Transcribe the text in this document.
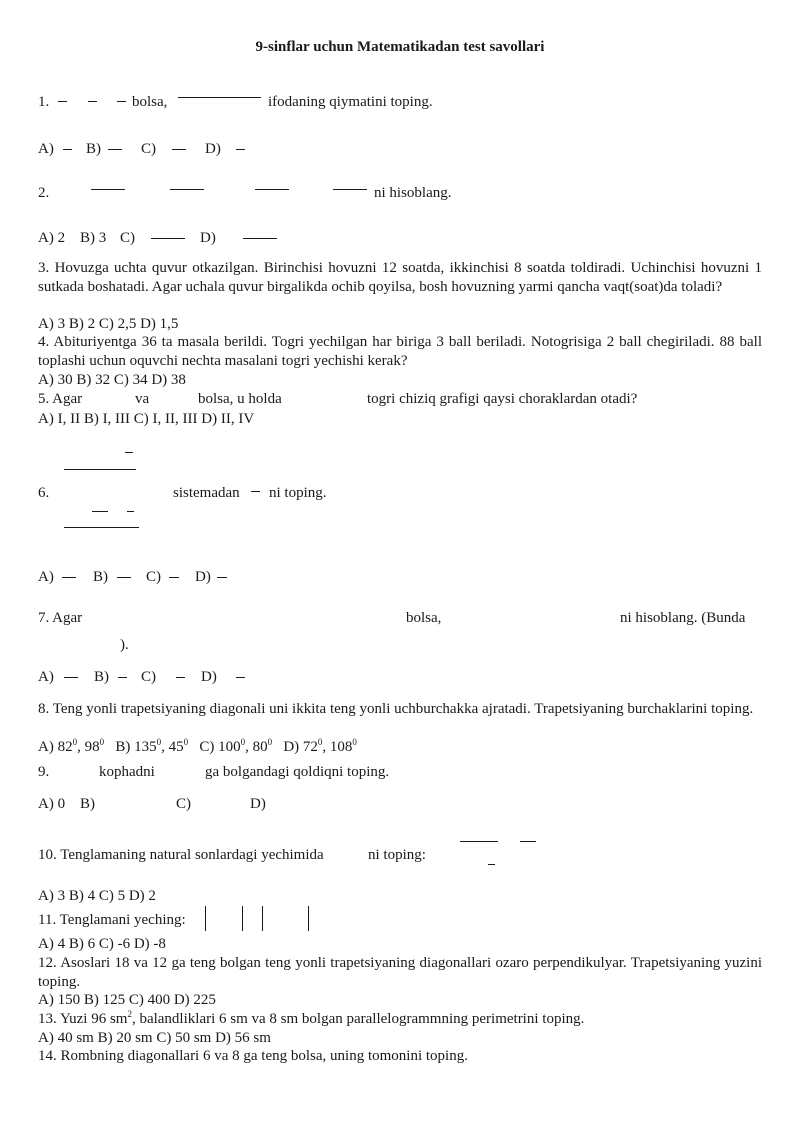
9-sinflar uchun Matematikadan test savollari
1.	bolsa,	ifodaning qiymatini toping.
A) B)	C)	D)
2.	ni hisoblang.
A) 2 B) 3 C)	D)
3. Hovuzga uchta quvur otkazilgan. Birinchisi hovuzni 12 soatda, ikkinchisi 8 soatda toldiradi. Uchinchisi hovuzni 1 sutkada boshatadi. Agar uchala quvur birgalikda ochib qoyilsa, bosh hovuzning yarmi qancha vaqt(soat)da toladi?
A) 3 B) 2 C) 2,5 D) 1,5
4. Abituriyentga 36 ta masala berildi. Togri yechilgan har biriga 3 ball beriladi. Notogrisiga 2 ball chegiriladi. 88 ball toplashi uchun oquvchi nechta masalani togri yechishi kerak?
A) 30 B) 32 C) 34 D) 38
5. Agar	va	bolsa, u holda	togri chiziq grafigi qaysi choraklardan otadi?
A) I, II B) I, III C) I, II, III D) II, IV
6.	sistemadan ni toping.
A)	B)	C) D)
7. Agar	bolsa,	ni hisoblang. (Bunda
).
A)	B) C)	D)
8. Teng yonli trapetsiyaning diagonali uni ikkita teng yonli uchburchakka ajratadi. Trapetsiyaning burchaklarini toping.
A) $82^0$, $98^0$ B) $135^0$, $45^0$ C) $100^0$, $80^0$ D) $72^0$, $108^0$
9.	kophadni	ga bolgandagi qoldiqni toping.
A) 0 B)	C)	D)
10. Tenglamaning natural sonlardagi yechimida	ni toping:
A) 3 B) 4 C) 5 D) 2
11. Tenglamani yeching:
A) 4 B) 6 C) -6 D) -8
12. Asoslari 18 va 12 ga teng bolgan teng yonli trapetsiyaning diagonallari ozaro perpendikulyar. Trapetsiyaning yuzini toping.
A) 150 B) 125 C) 400 D) 225
13. Yuzi 96 $sm^2$, balandliklari 6 sm va 8 sm bolgan parallelogrammning perimetrini toping.
A) 40 sm B) 20 sm C) 50 sm D) 56 sm
14. Rombning diagonallari 6 va 8 ga teng bolsa, uning tomonini toping.
